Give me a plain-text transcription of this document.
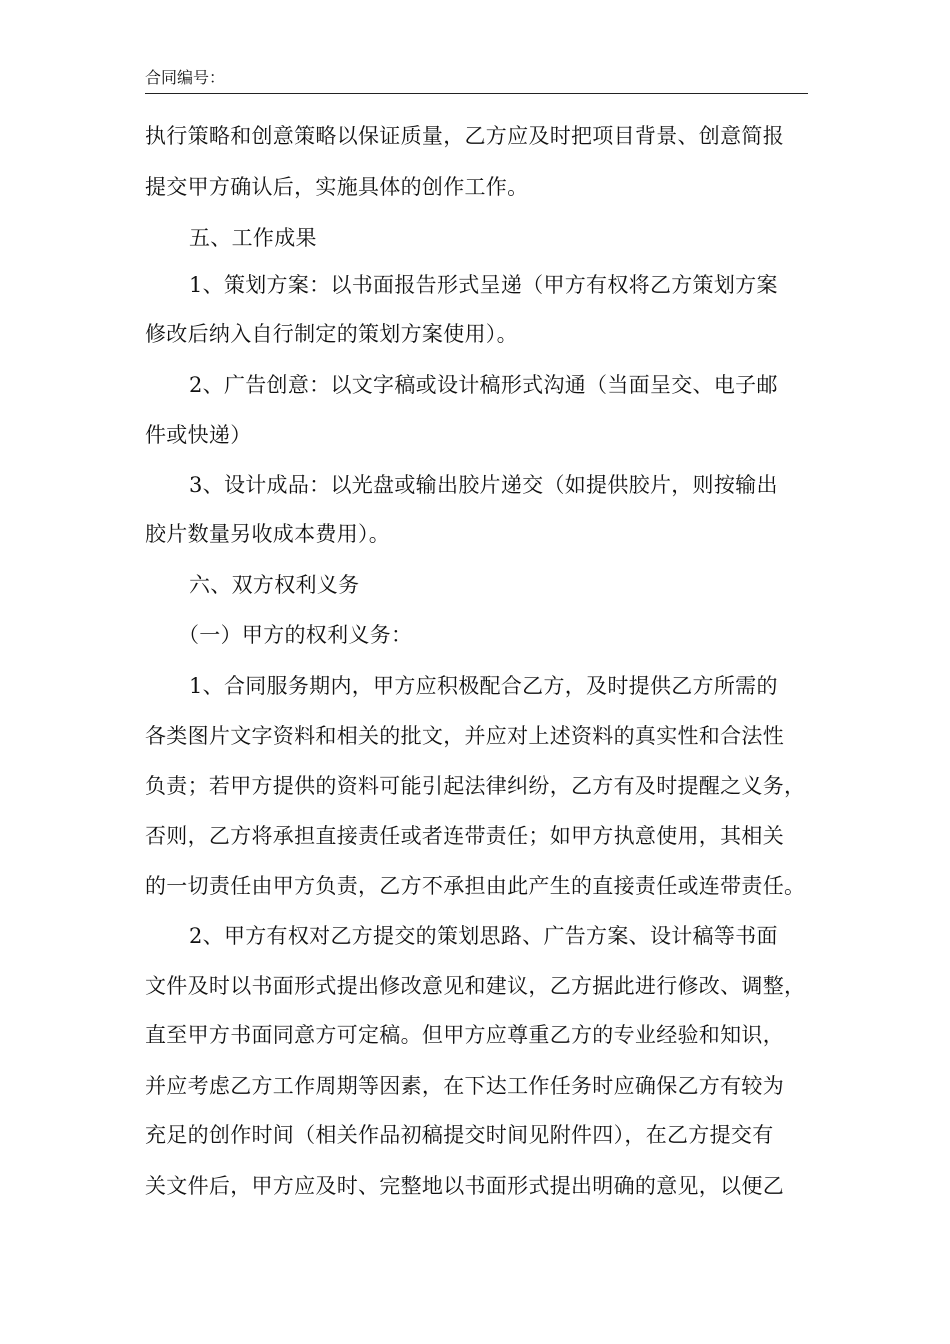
合同编号：
执行策略和创意策略以保证质量，乙方应及时把项目背景、创意简报
提交甲方确认后，实施具体的创作工作。
五、工作成果
1、策划方案：以书面报告形式呈递（甲方有权将乙方策划方案
修改后纳入自行制定的策划方案使用）。
2、广告创意：以文字稿或设计稿形式沟通（当面呈交、电子邮
件或快递）
3、设计成品：以光盘或输出胶片递交（如提供胶片，则按输出
胶片数量另收成本费用）。
六、双方权利义务
（一）甲方的权利义务：
1、合同服务期内，甲方应积极配合乙方，及时提供乙方所需的
各类图片文字资料和相关的批文，并应对上述资料的真实性和合法性
负责；若甲方提供的资料可能引起法律纠纷，乙方有及时提醒之义务，
否则，乙方将承担直接责任或者连带责任；如甲方执意使用，其相关
的一切责任由甲方负责，乙方不承担由此产生的直接责任或连带责任。
2、甲方有权对乙方提交的策划思路、广告方案、设计稿等书面
文件及时以书面形式提出修改意见和建议，乙方据此进行修改、调整，
直至甲方书面同意方可定稿。但甲方应尊重乙方的专业经验和知识，
并应考虑乙方工作周期等因素，在下达工作任务时应确保乙方有较为
充足的创作时间（相关作品初稿提交时间见附件四），在乙方提交有
关文件后，甲方应及时、完整地以书面形式提出明确的意见，以便乙
